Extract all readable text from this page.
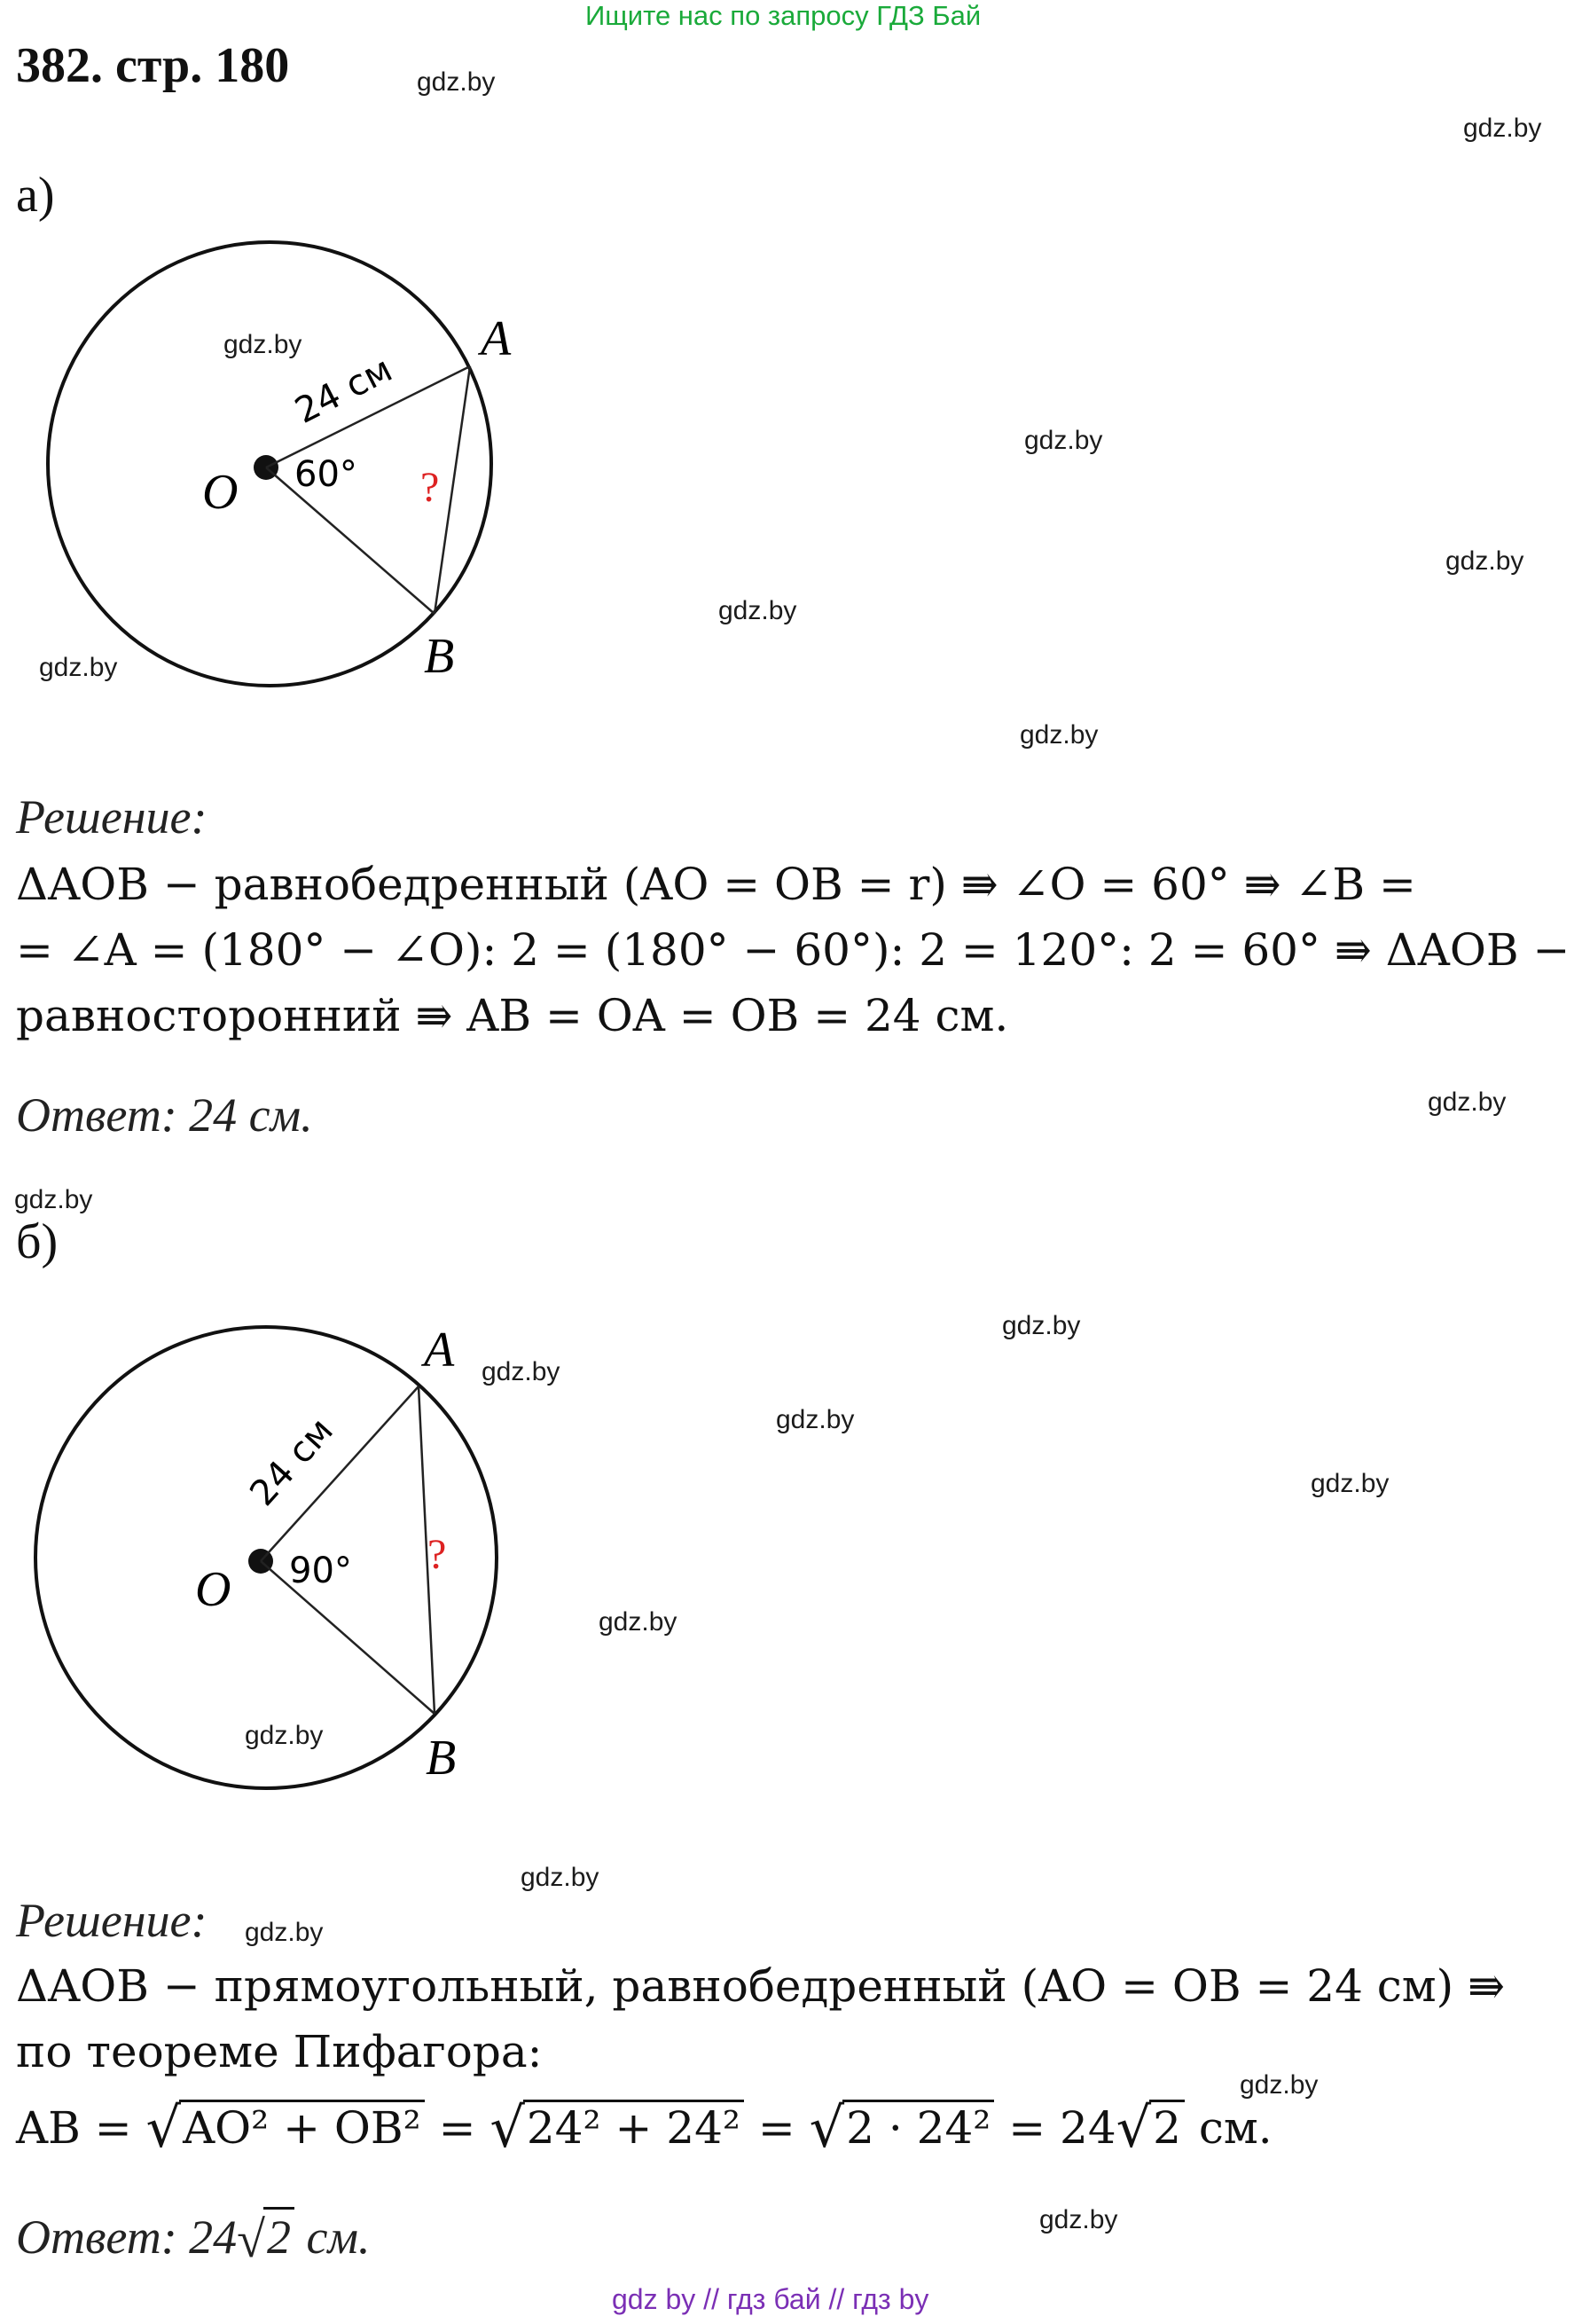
Ищите нас по запросу ГДЗ Бай
382. стр. 180	gdz.by
gdz.by
gdz.by
gdz.by
gdz.by
gdz.by
gdz.by
gdz.by
gdz.by
gdz.by
gdz.by
gdz.by
gdz.by
gdz.by
gdz.by
gdz.by
gdz.by
gdz.by
gdz.by
gdz.by
а)
O
A
B
60° ?
24 см
Решение:
ΔAOB − равнобедренный (AO = OB = r) ⇛ ∠O = 60° ⇛ ∠B =
= ∠A = (180° − ∠O): 2 = (180° − 60°): 2 = 120°: 2 = 60° ⇛ ΔAOB −
равносторонний ⇛ AB = OA = OB = 24 см.
Ответ: 24 см.
б)
O
A
B
90° ?
24 см
Решение:
ΔAOB − прямоугольный, равнобедренный (AO = OB = 24 см) ⇛
по теореме Пифагора:
AB = √AO² + OB² = √24² + 24² = √2 · 24² = 24√2 см.
Ответ: 24√2 см.
gdz by // гдз бай // гдз by
